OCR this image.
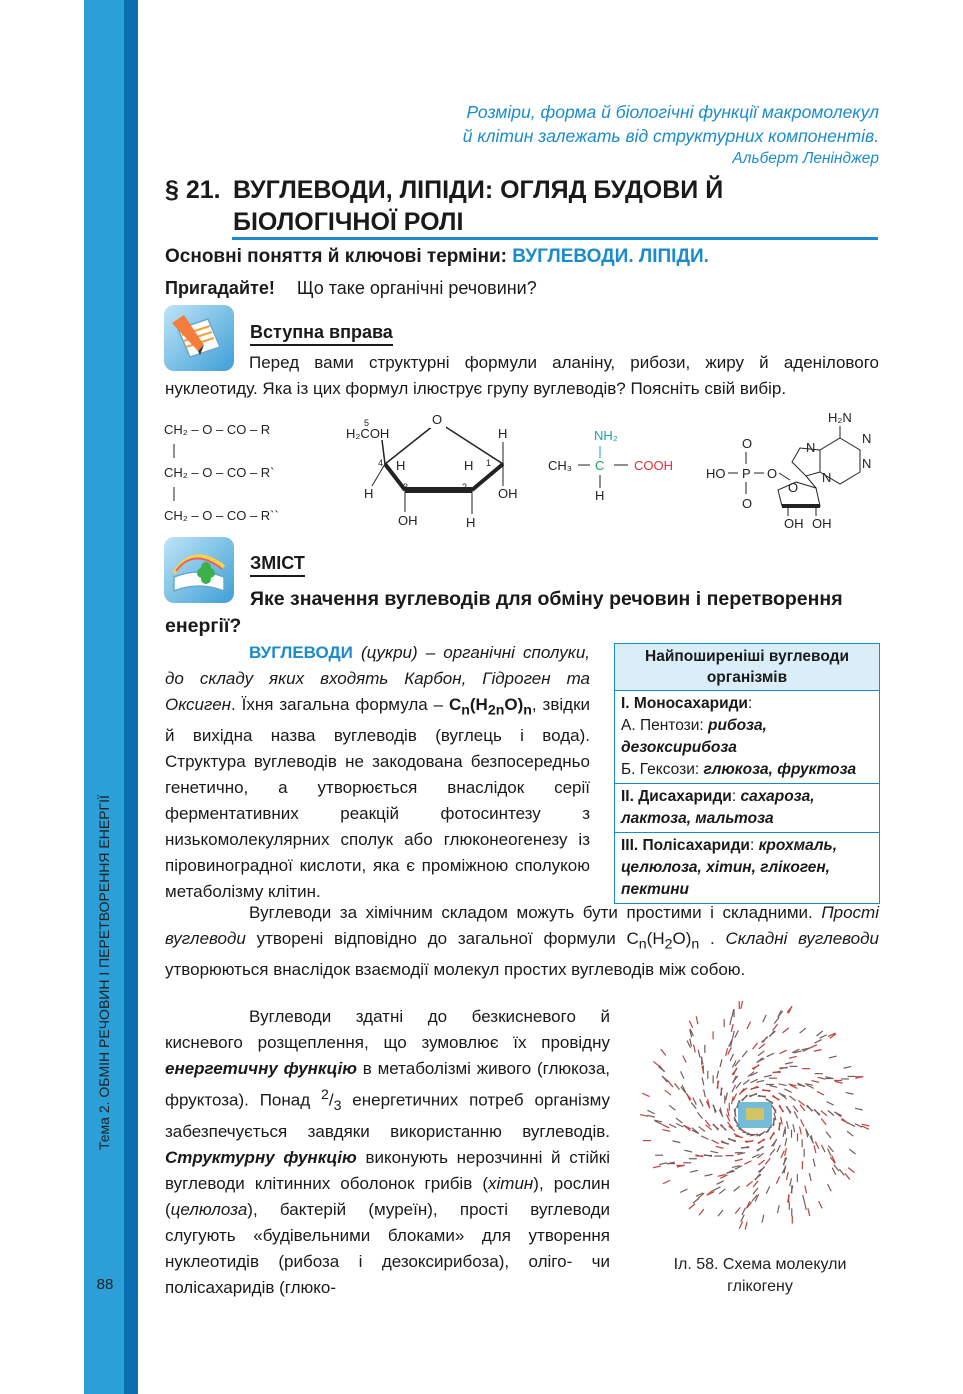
Тема 2. ОБМІН РЕЧОВИН І ПЕРЕТВОРЕННЯ ЕНЕРГІЇ
88
Розміри, форма й біологічні функції макромолекул
й клітин залежать від структурних компонентів.
Альберт Ленінджер
§ 21. ВУГЛЕВОДИ, ЛІПІДИ: ОГЛЯД БУДОВИ Й БІОЛОГІЧНОЇ РОЛІ
Основні поняття й ключові терміни: ВУГЛЕВОДИ. ЛІПІДИ.
Пригадайте! Що таке органічні речовини?
Вступна вправа
Перед вами структурні формули аланіну, рибози, жиру й аденілового нуклеотиду. Яка із цих формул ілюструє групу вуглеводів? Поясніть свій вибір.
CH₂ – O – CO – R
CH₂ – O – CO – R`
CH₂ – O – CO – R``
O
5
H₂COH
4 H
H	3
OH
2
H
H
1
H
OH
NH₂
CH₃ C COOH
H
H₂N
N
N
N
N
O
OH OH
O
HO P O
O
ЗМІСТ
Яке значення вуглеводів для обміну речовин і перетворення енергії?
ВУГЛЕВОДИ (цукри) – органічні сполуки, до складу яких входять Карбон, Гідроген та Оксиген. Їхня загальна формула – $C_n(H_{2n}O)_n$, звідки й вихідна назва вуглеводів (вуглець і вода). Структура вуглеводів не закодована безпосередньо генетично, а утворюється внаслідок серії ферментативних реакцій фотосинтезу з низькомолекулярних сполук або глюконеогенезу із піровиноградної кислоти, яка є проміжною сполукою метаболізму клітин.
Найпоширеніші вуглеводи організмів
I. Моносахариди:
А. Пентози: рибоза, дезоксирибоза
Б. Гексози: глюкоза, фруктоза
II. Дисахариди: сахароза, лактоза, мальтоза
III. Полісахариди: крохмаль, целюлоза, хітин, глікоген, пектини
Вуглеводи за хімічним складом можуть бути простими і складними. Прості вуглеводи утворені відповідно до загальної формули $C_n(H_2O)_n$ . Складні вуглеводи утворюються внаслідок взаємодії молекул простих вуглеводів між собою.
Вуглеводи здатні до безкисневого й кисневого розщеплення, що зумовлює їх провідну енергетичну функцію в метаболізмі живого (глюкоза, фруктоза). Понад $^2/_3$ енергетичних потреб організму забезпечується завдяки використанню вуглеводів. Структурну функцію виконують нерозчинні й стійкі вуглеводи клітинних оболонок грибів (хітин), рослин (целюлоза), бактерій (муреїн), прості вуглеводи слугують «будівельними блоками» для утворення нуклеотидів (рибоза і дезоксирибоза), оліго- чи полісахаридів (глюко-
Іл. 58. Схема молекули глікогену
